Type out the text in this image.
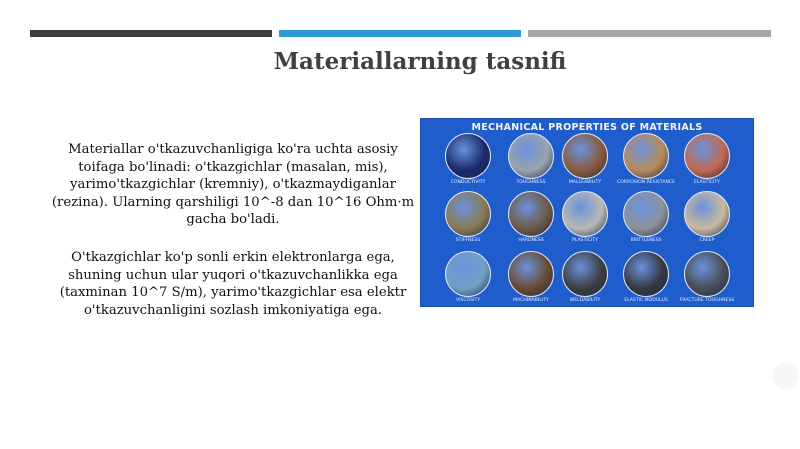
Materiallarning tasnifi
Materiallar o'tkazuvchanligiga ko'ra uchta asosiy toifaga bo'linadi: o'tkazgichlar (masalan, mis), yarimo'tkazgichlar (kremniy), o'tkazmaydiganlar (rezina). Ularning qarshiligi 10^-8 dan 10^16 Ohm·m gacha bo'ladi.
O'tkazgichlar ko'p sonli erkin elektronlarga ega, shuning uchun ular yuqori o'tkazuvchanlikka ega (taxminan 10^7 S/m), yarimo'tkazgichlar esa elektr o'tkazuvchanligini sozlash imkoniyatiga ega.
MECHANICAL PROPERTIES OF MATERIALS
CONDUCTIVITY	TOUGHNESS	MALLEABILITY	CORROSION RESISTANCE	ELASTICITY
STIFFNESS	HARDNESS	PLASTICITY	BRITTLENESS	CREEP
VISCOSITY	MACHINABILITY	WELDABILITY	ELASTIC MODULUS	FRACTURE TOUGHNESS
